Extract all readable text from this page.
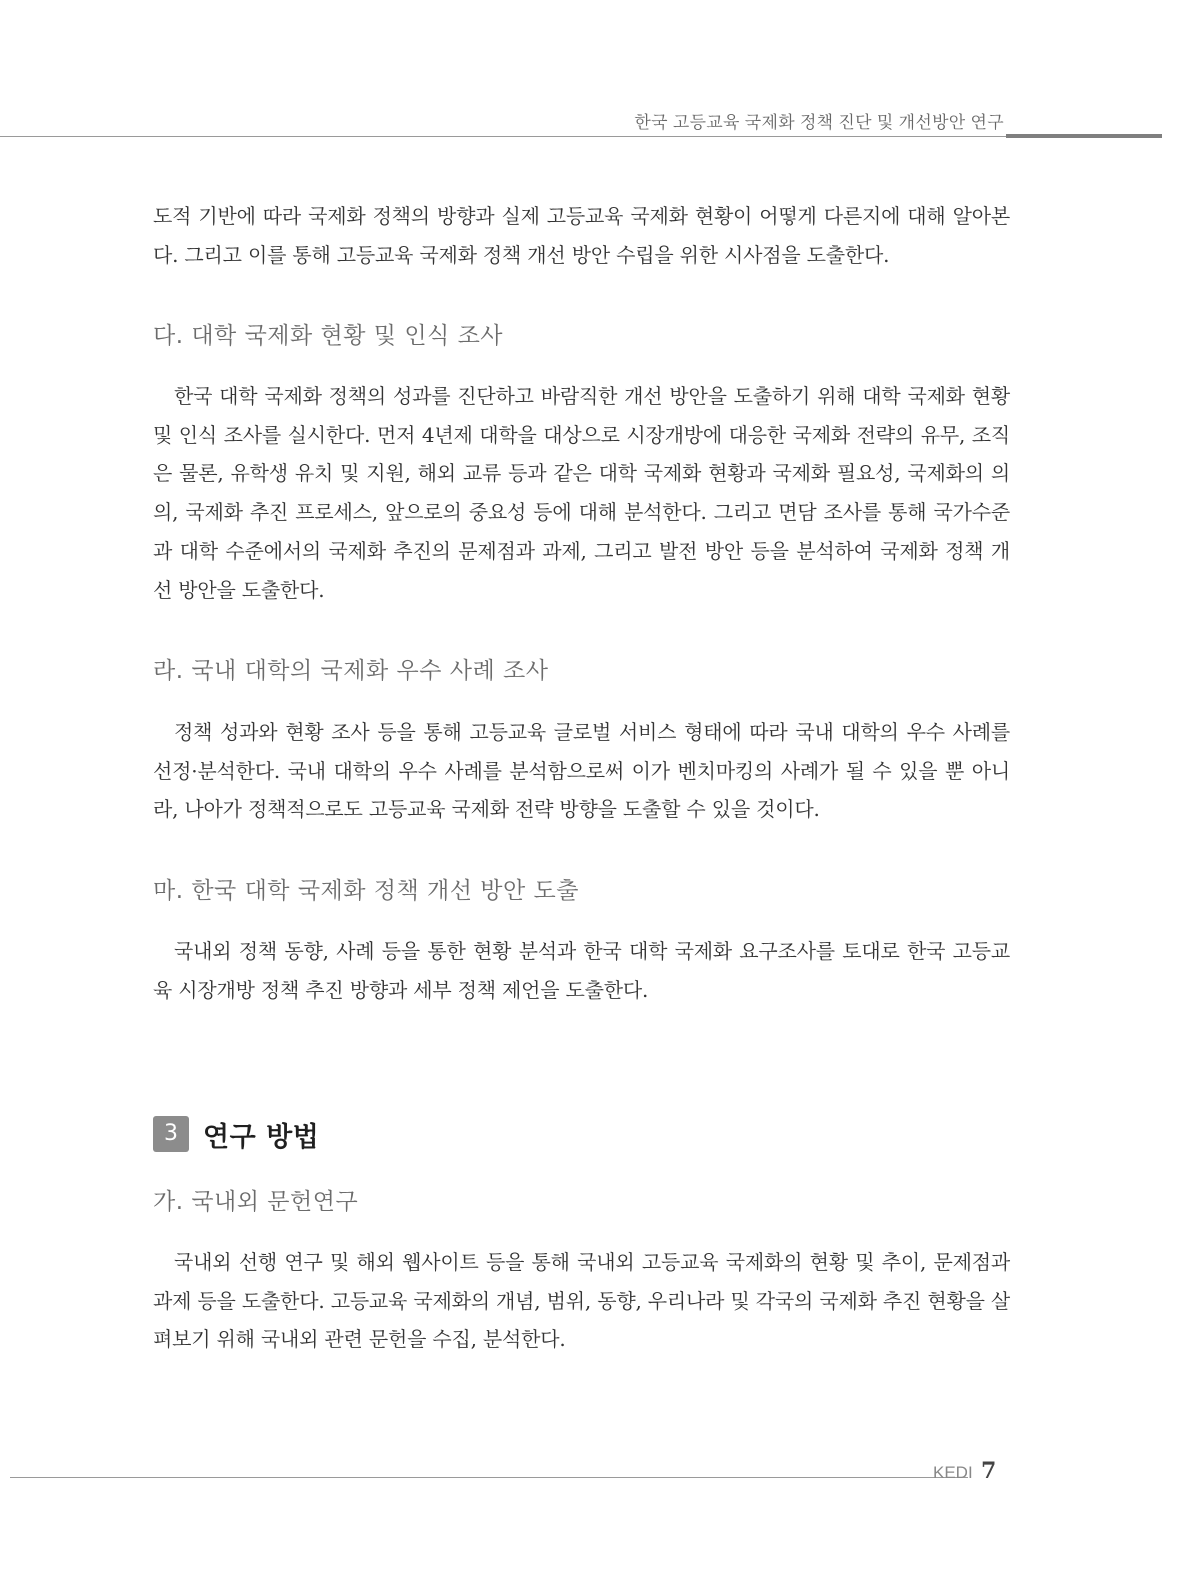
한국 고등교육 국제화 정책 진단 및 개선방안 연구

도적 기반에 따라 국제화 정책의 방향과 실제 고등교육 국제화 현황이 어떻게 다른지에 대해 알아본다. 그리고 이를 통해 고등교육 국제화 정책 개선 방안 수립을 위한 시사점을 도출한다.

다. 대학 국제화 현황 및 인식 조사

한국 대학 국제화 정책의 성과를 진단하고 바람직한 개선 방안을 도출하기 위해 대학 국제화 현황 및 인식 조사를 실시한다. 먼저 4년제 대학을 대상으로 시장개방에 대응한 국제화 전략의 유무, 조직은 물론, 유학생 유치 및 지원, 해외 교류 등과 같은 대학 국제화 현황과 국제화 필요성, 국제화의 의의, 국제화 추진 프로세스, 앞으로의 중요성 등에 대해 분석한다. 그리고 면담 조사를 통해 국가수준과 대학 수준에서의 국제화 추진의 문제점과 과제, 그리고 발전 방안 등을 분석하여 국제화 정책 개선 방안을 도출한다.

라. 국내 대학의 국제화 우수 사례 조사

정책 성과와 현황 조사 등을 통해 고등교육 글로벌 서비스 형태에 따라 국내 대학의 우수 사례를 선정·분석한다. 국내 대학의 우수 사례를 분석함으로써 이가 벤치마킹의 사례가 될 수 있을 뿐 아니라, 나아가 정책적으로도 고등교육 국제화 전략 방향을 도출할 수 있을 것이다.

마. 한국 대학 국제화 정책 개선 방안 도출

국내외 정책 동향, 사례 등을 통한 현황 분석과 한국 대학 국제화 요구조사를 토대로 한국 고등교육 시장개방 정책 추진 방향과 세부 정책 제언을 도출한다.

3 연구 방법
가. 국내외 문헌연구

국내외 선행 연구 및 해외 웹사이트 등을 통해 국내외 고등교육 국제화의 현황 및 추이, 문제점과 과제 등을 도출한다. 고등교육 국제화의 개념, 범위, 동향, 우리나라 및 각국의 국제화 추진 현황을 살펴보기 위해 국내외 관련 문헌을 수집, 분석한다.

KEDI 7
